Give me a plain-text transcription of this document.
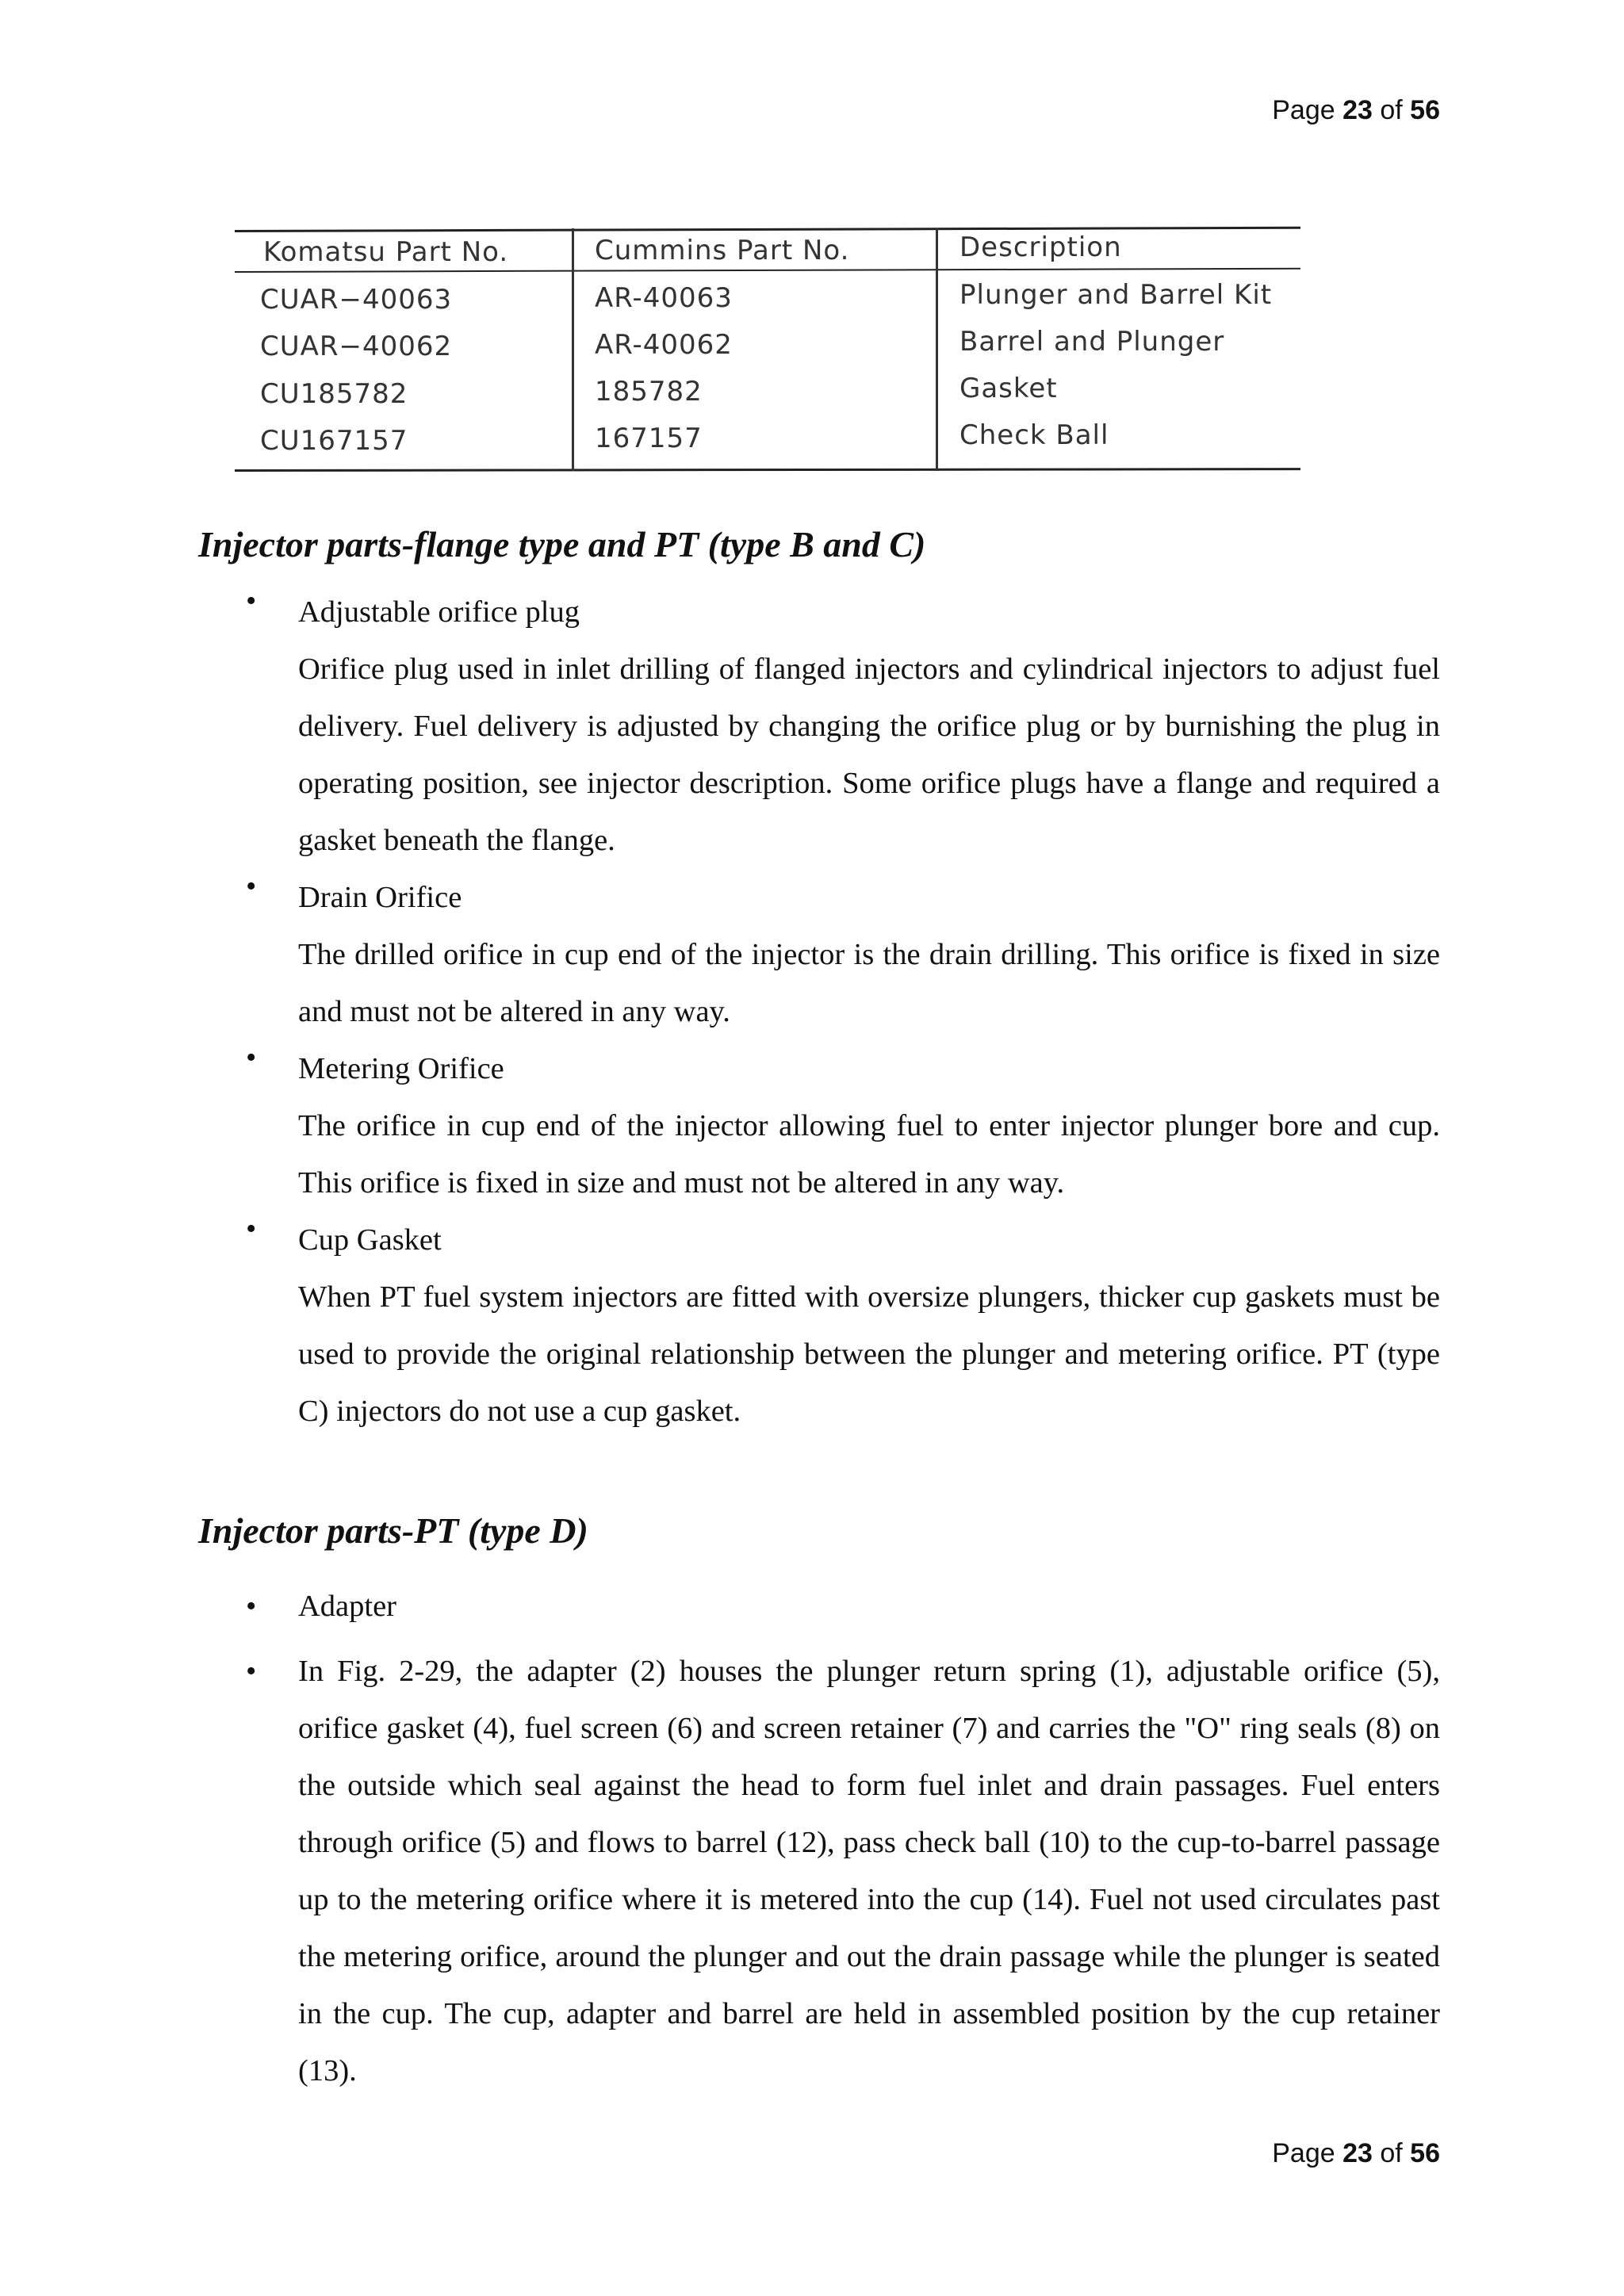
Page 23 of 56
Komatsu Part No.	Cummins Part No.	Description
CUAR−40063	AR-40063	Plunger and Barrel Kit
CUAR−40062	AR-40062	Barrel and Plunger
CU185782	185782	Gasket
CU167157	167157	Check Ball
Injector parts-flange type and PT (type B and C)
• Adjustable orifice plug
Orifice plug used in inlet drilling of flanged injectors and cylindrical injectors to adjust fuel delivery. Fuel delivery is adjusted by changing the orifice plug or by burnishing the plug in operating position, see injector description. Some orifice plugs have a flange and required a gasket beneath the flange.
• Drain Orifice
The drilled orifice in cup end of the injector is the drain drilling. This orifice is fixed in size and must not be altered in any way.
• Metering Orifice
The orifice in cup end of the injector allowing fuel to enter injector plunger bore and cup. This orifice is fixed in size and must not be altered in any way.
• Cup Gasket
When PT fuel system injectors are fitted with oversize plungers, thicker cup gaskets must be used to provide the original relationship between the plunger and metering orifice. PT (type C) injectors do not use a cup gasket.
Injector parts-PT (type D)
• Adapter
• In Fig. 2-29, the adapter (2) houses the plunger return spring (1), adjustable orifice (5), orifice gasket (4), fuel screen (6) and screen retainer (7) and carries the "O" ring seals (8) on the outside which seal against the head to form fuel inlet and drain passages. Fuel enters through orifice (5) and flows to barrel (12), pass check ball (10) to the cup-to-barrel passage up to the metering orifice where it is metered into the cup (14). Fuel not used circulates past the metering orifice, around the plunger and out the drain passage while the plunger is seated in the cup. The cup, adapter and barrel are held in assembled position by the cup retainer (13).
Page 23 of 56
